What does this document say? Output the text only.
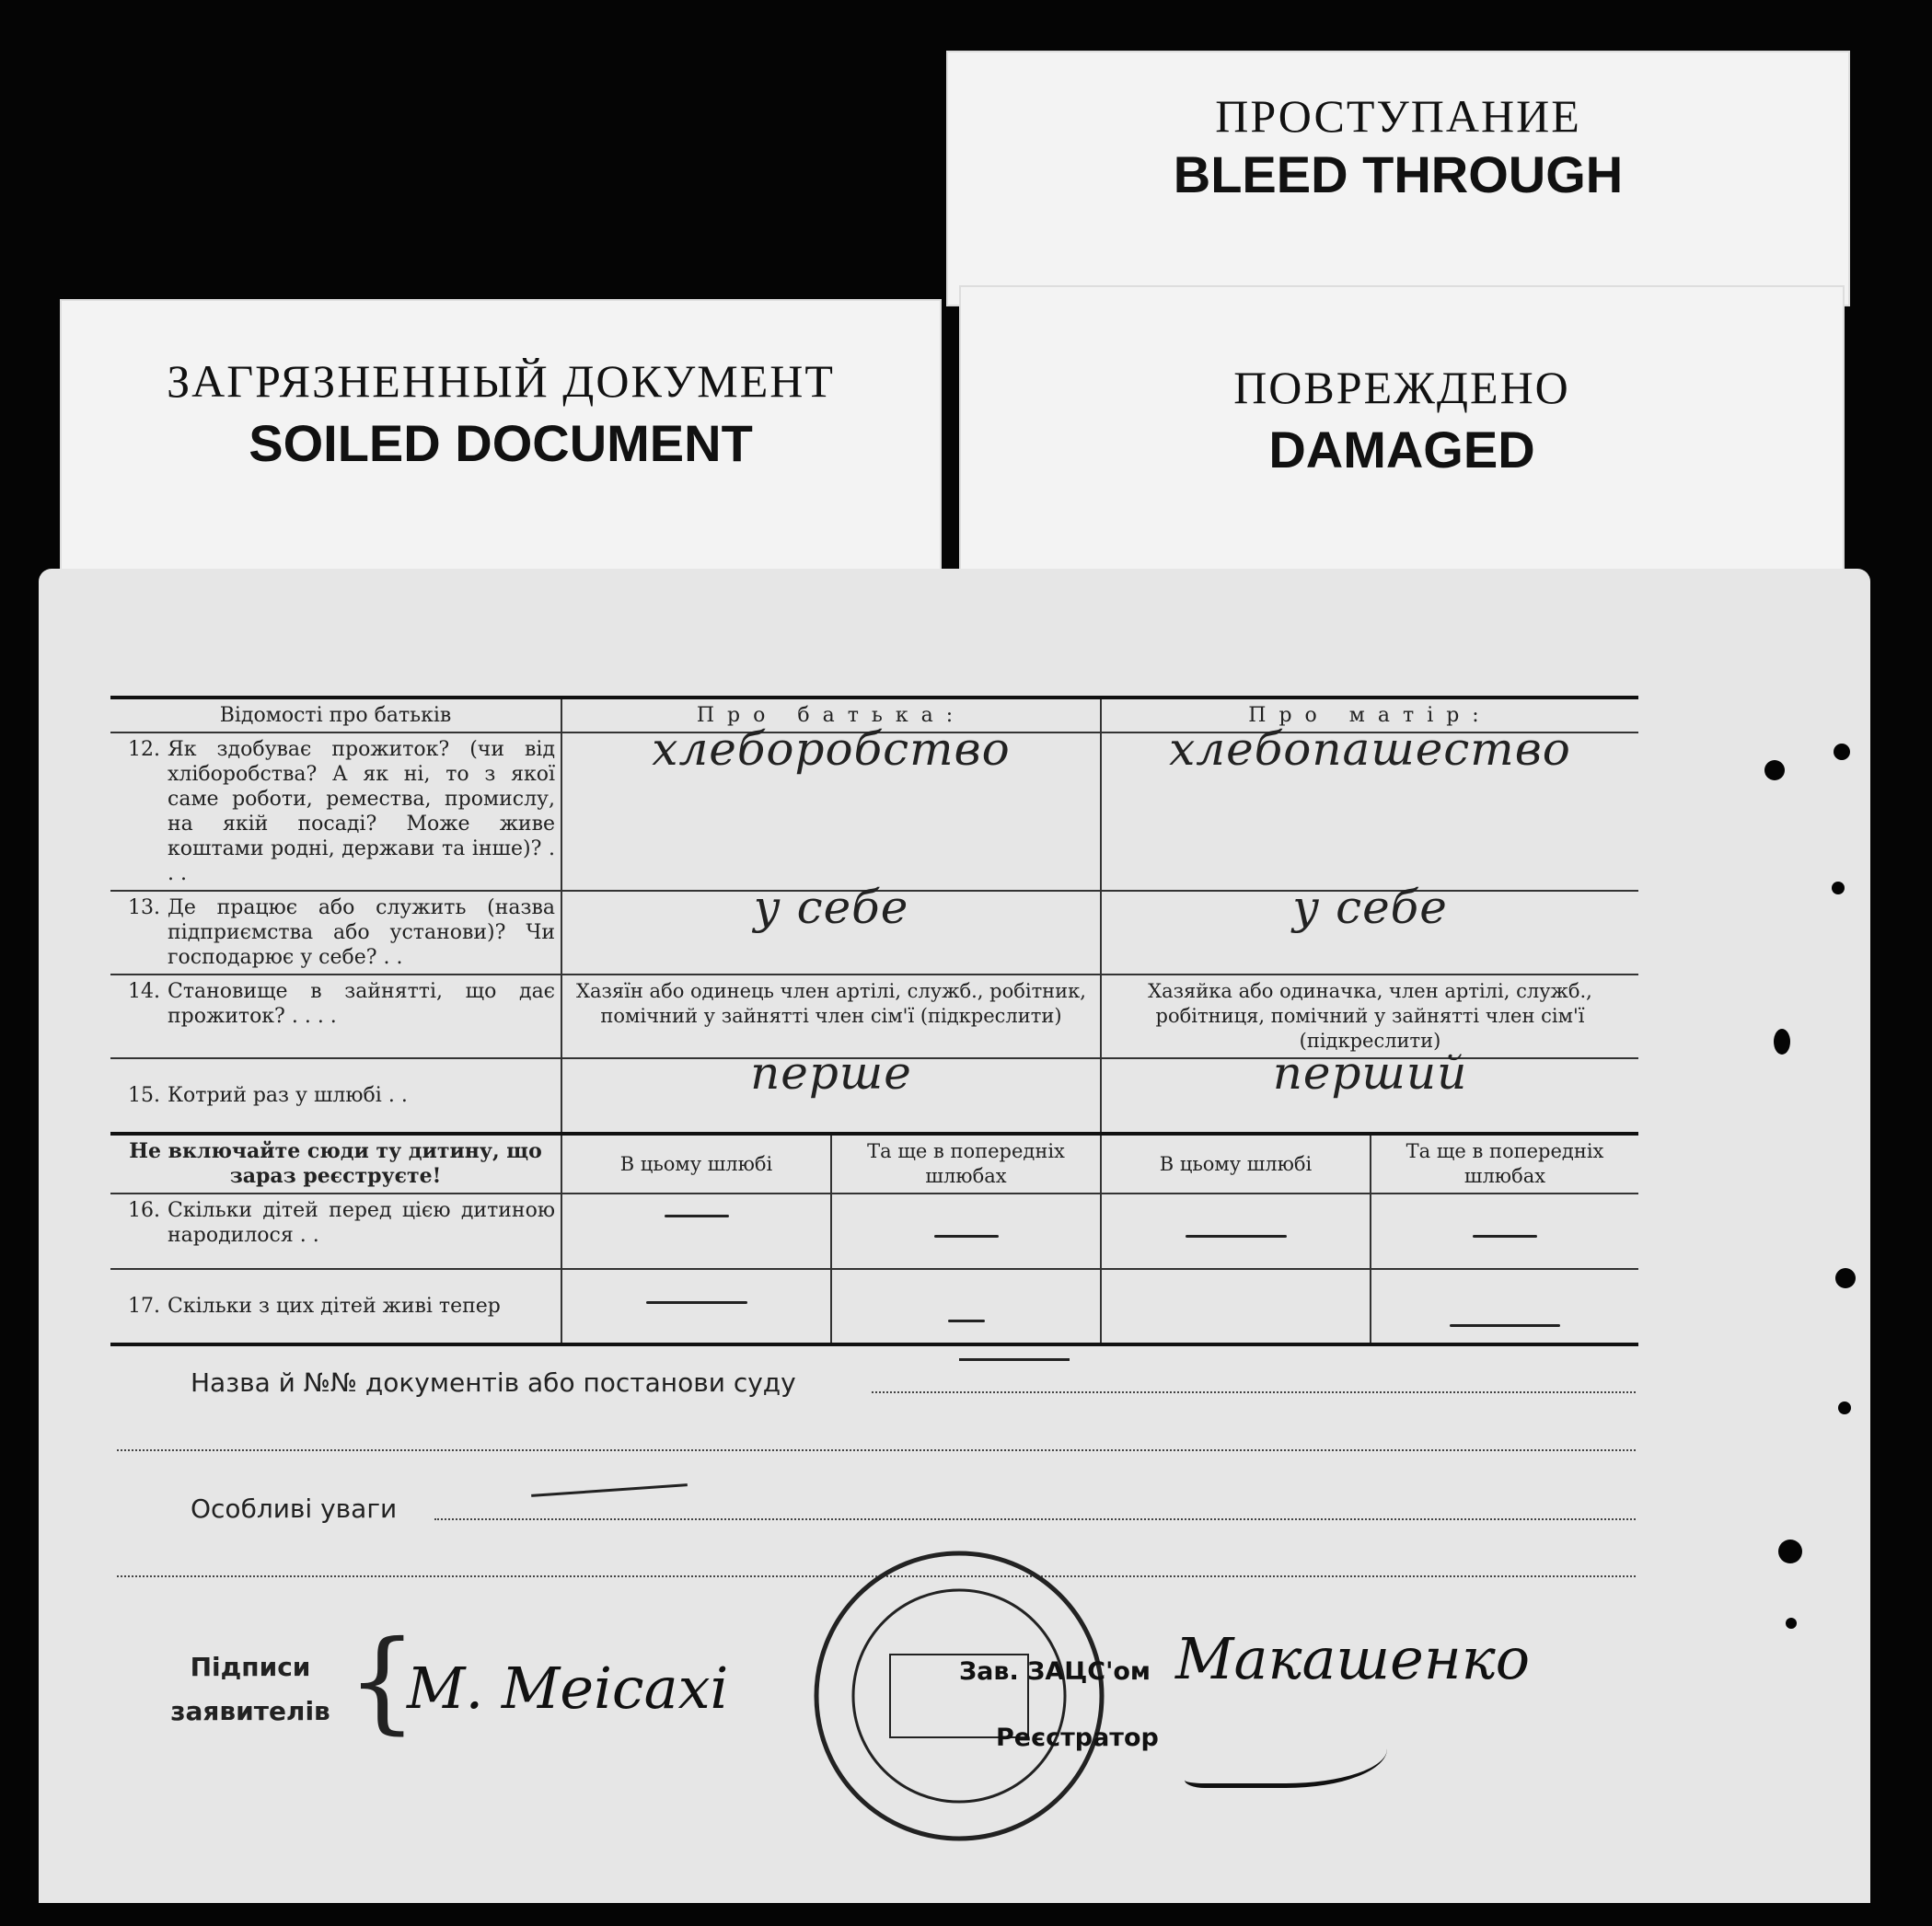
ПРОСТУПАНИЕ
BLEED THROUGH
ПОВРЕЖДЕНО
DAMAGED
ЗАГРЯЗНЕННЫЙ ДОКУМЕНТ
SOILED DOCUMENT
Відомості про батьків	Про батька:		Про матір:	

12. Як здобуває прожиток? (чи від хліборобства? А як ні, то з якої саме роботи, ремества, промислу, на якій посаді? Може живе коштами родні, держави та інше)? . . .	хлеборобство		хлебопашество	

13. Де працює або служить (назва підприємства або установи)? Чи господарює у себе? . .	у себе		у себе	

14. Становище в зайнятті, що дає прожиток? . . . .	Хазяїн або одинець член артілі, служб., робітник, помічний у зайнятті член сім'ї (підкреслити)		Хазяйка або одиначка, член артілі, служб., робітниця, помічний у зайнятті член сім'ї (підкреслити)	

15. Котрий раз у шлюбі . .	перше		перший	
Не включайте сюди ту дитину, що зараз реєструєте!	В цьому шлюбі	Та ще в попередніх шлюбах	В цьому шлюбі	Та ще в попередніх шлюбах

16. Скільки дітей перед цією дитиною народилося . .				

17. Скільки з цих дітей живі тепер				

Назва й №№ документів або постанови суду
Особливі уваги
Підписи заявителів {
M. Meicaxi	Зав. ЗАЦС'ом
Реєстратор
Макашенко
